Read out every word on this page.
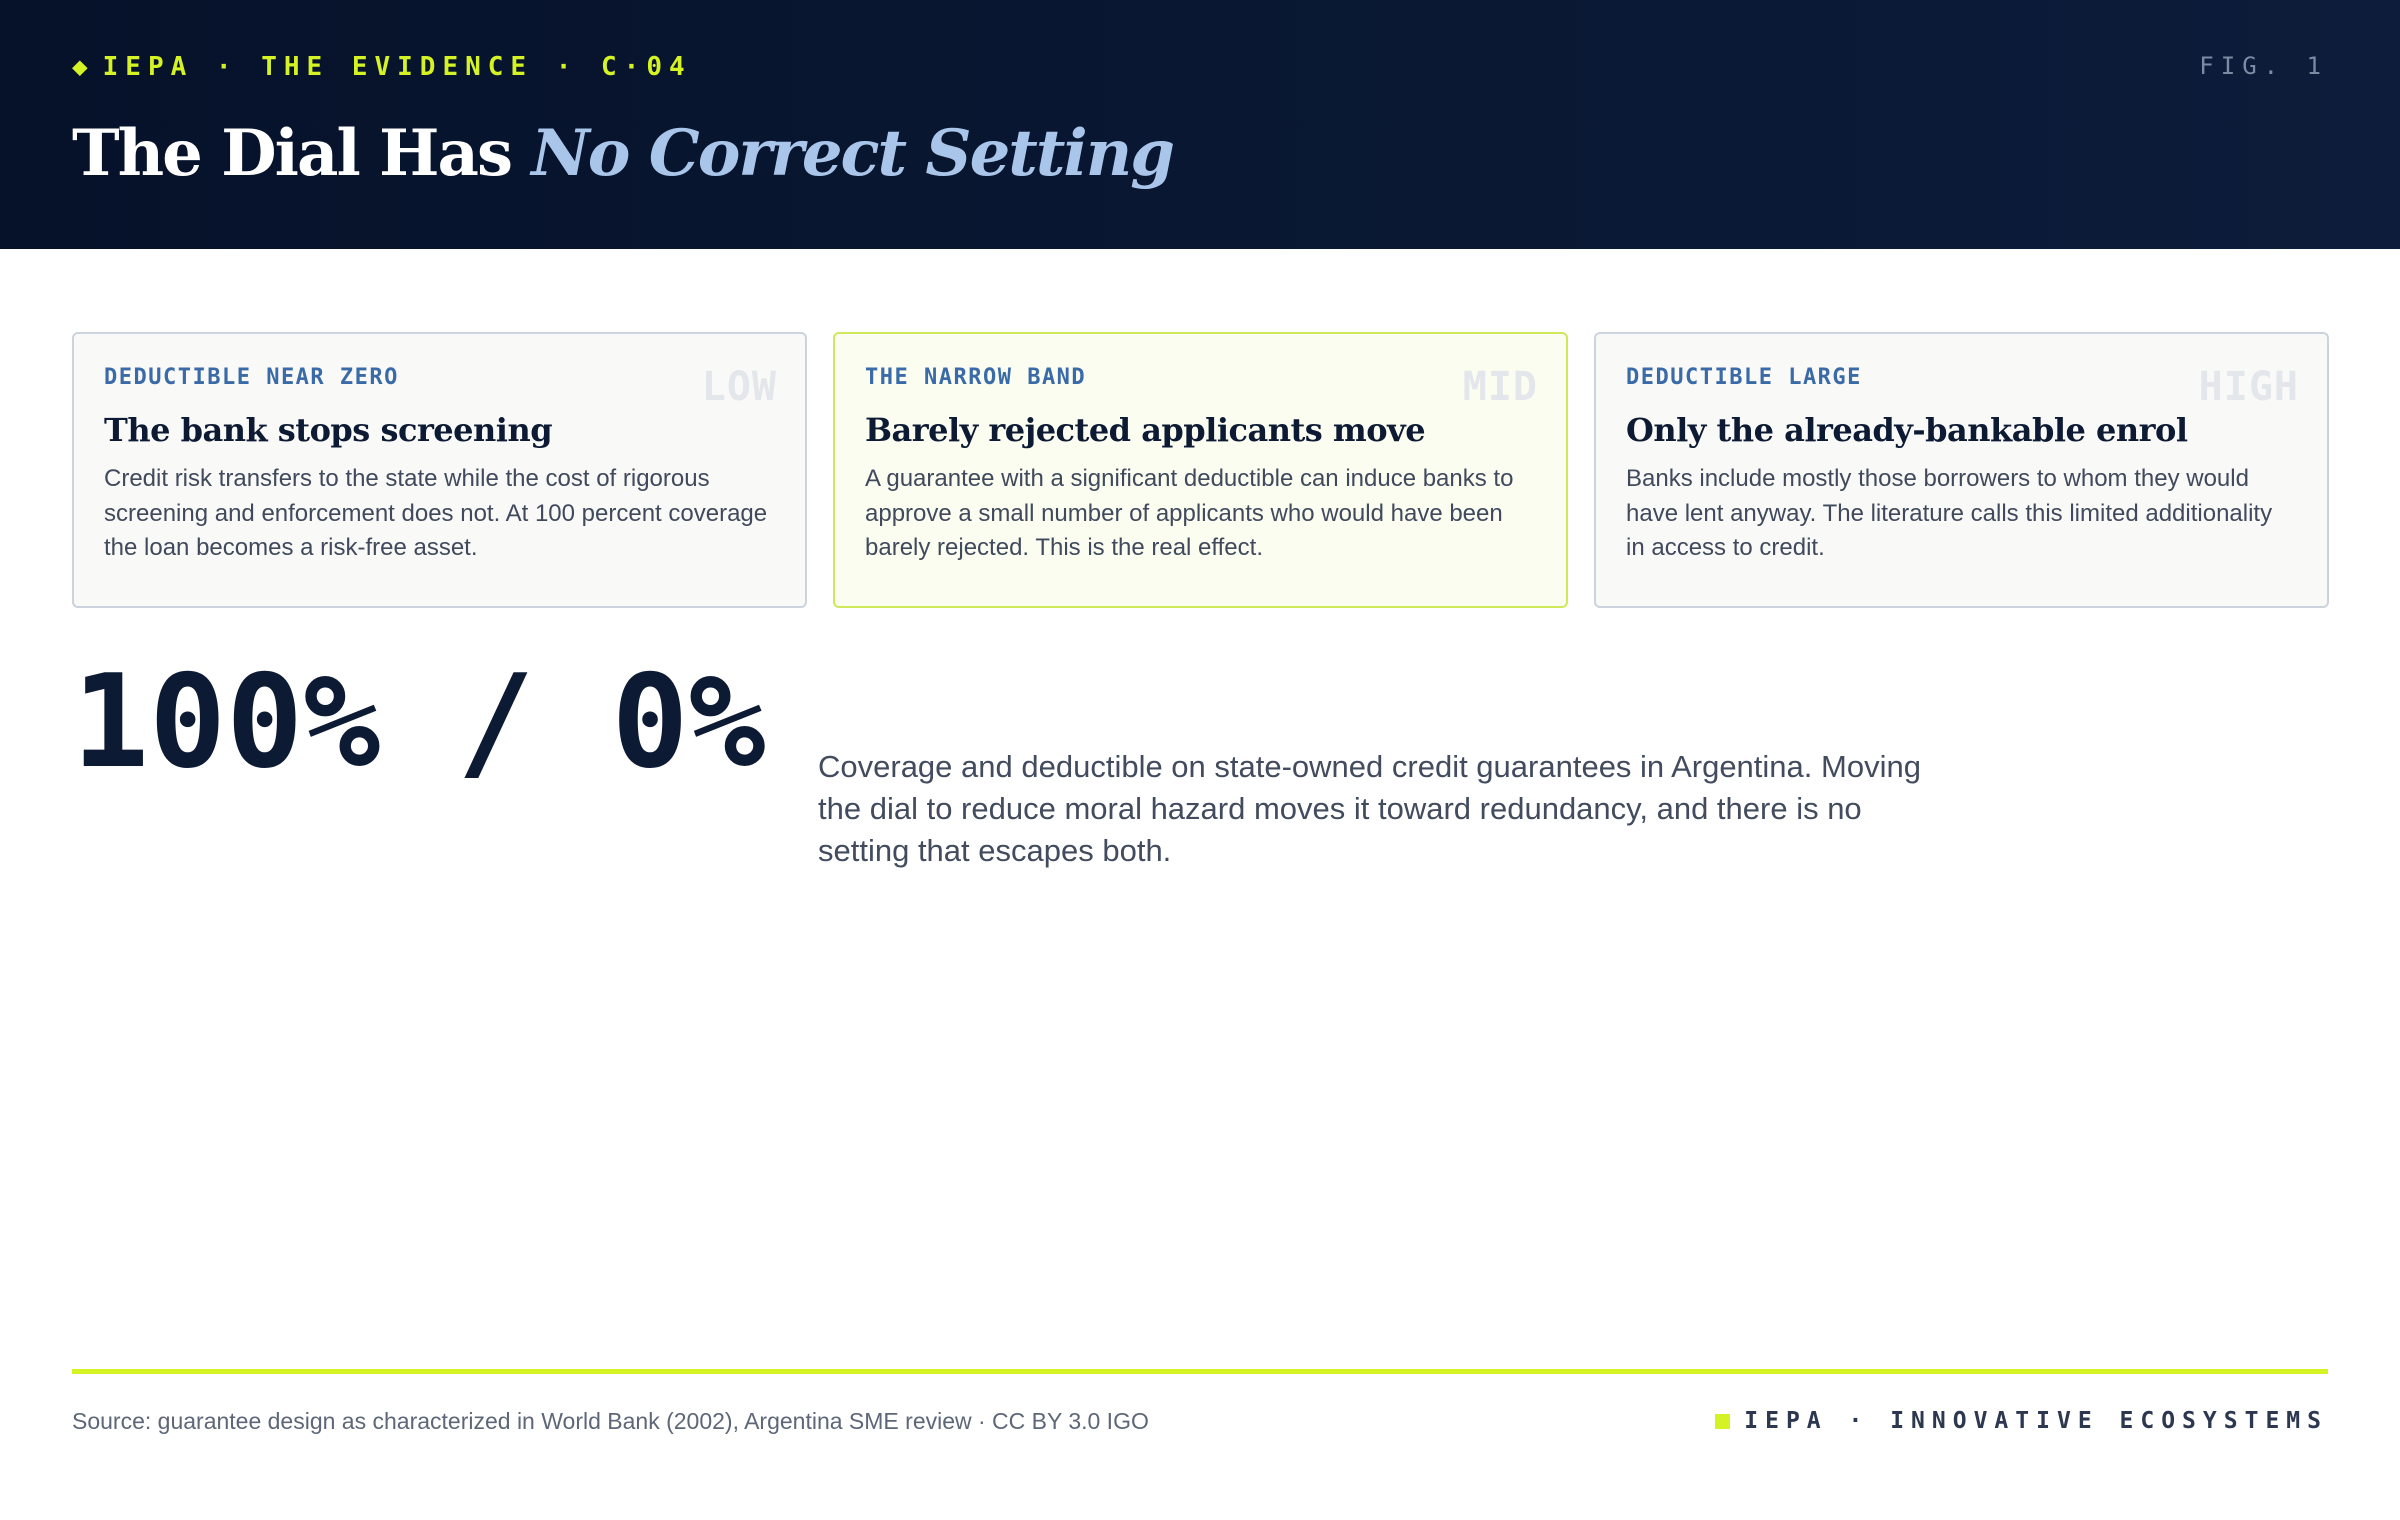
◆ IEPA · THE EVIDENCE · C·04	FIG. 1
The Dial Has No Correct Setting
DEDUCTIBLE NEAR ZERO	LOW
The bank stops screening
Credit risk transfers to the state while the cost of rigorous screening and enforcement does not. At 100 percent coverage the loan becomes a risk-free asset.
THE NARROW BAND	MID
Barely rejected applicants move
A guarantee with a significant deductible can induce banks to approve a small number of applicants who would have been barely rejected. This is the real effect.
DEDUCTIBLE LARGE	HIGH
Only the already-bankable enrol
Banks include mostly those borrowers to whom they would have lent anyway. The literature calls this limited additionality in access to credit.
100% / 0% Coverage and deductible on state-owned credit guarantees in Argentina. Moving the dial to reduce moral hazard moves it toward redundancy, and there is no setting that escapes both.
Source: guarantee design as characterized in World Bank (2002), Argentina SME review · CC BY 3.0 IGO	IEPA · INNOVATIVE ECOSYSTEMS
